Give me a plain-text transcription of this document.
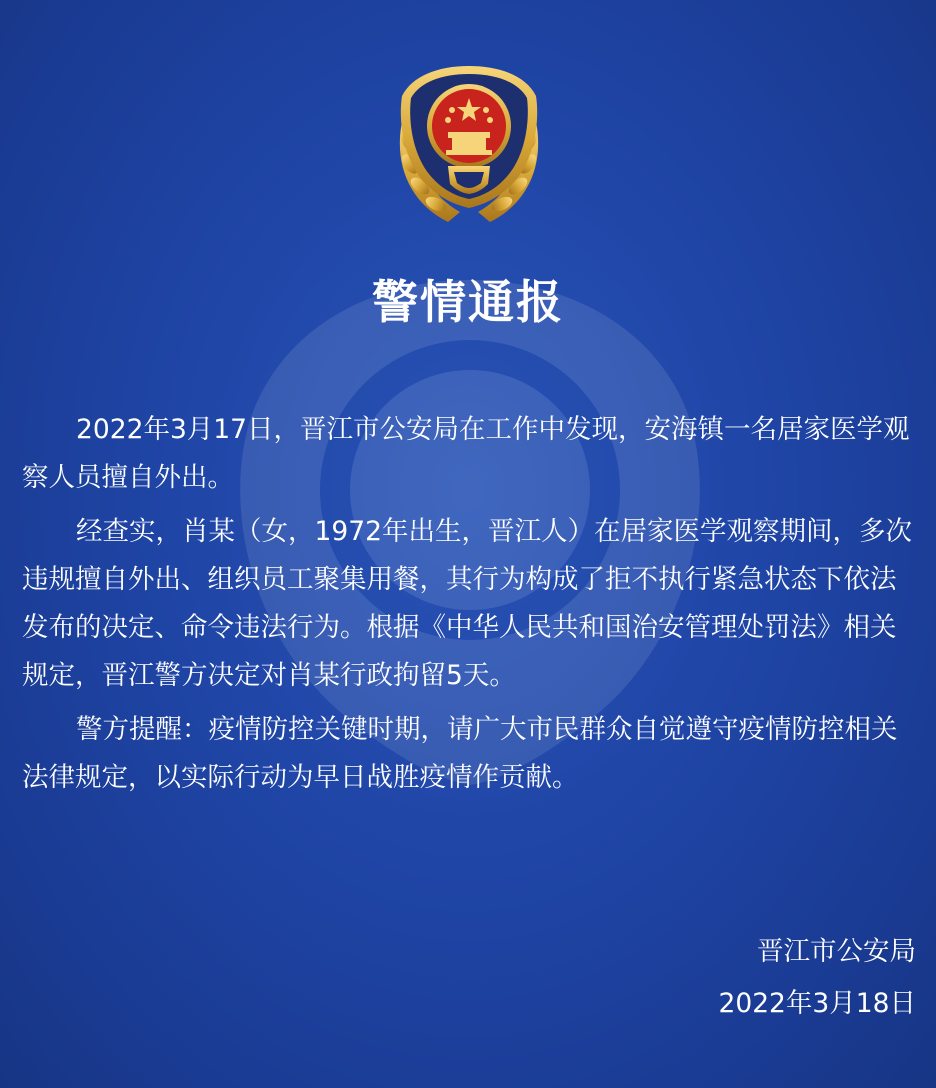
警情通报

2022年3月17日，晋江市公安局在工作中发现，安海镇一名居家医学观察人员擅自外出。

经查实，肖某（女，1972年出生，晋江人）在居家医学观察期间，多次违规擅自外出、组织员工聚集用餐，其行为构成了拒不执行紧急状态下依法发布的决定、命令违法行为。根据《中华人民共和国治安管理处罚法》相关规定，晋江警方决定对肖某行政拘留5天。

警方提醒：疫情防控关键时期，请广大市民群众自觉遵守疫情防控相关法律规定，以实际行动为早日战胜疫情作贡献。

晋江市公安局
2022年3月18日
